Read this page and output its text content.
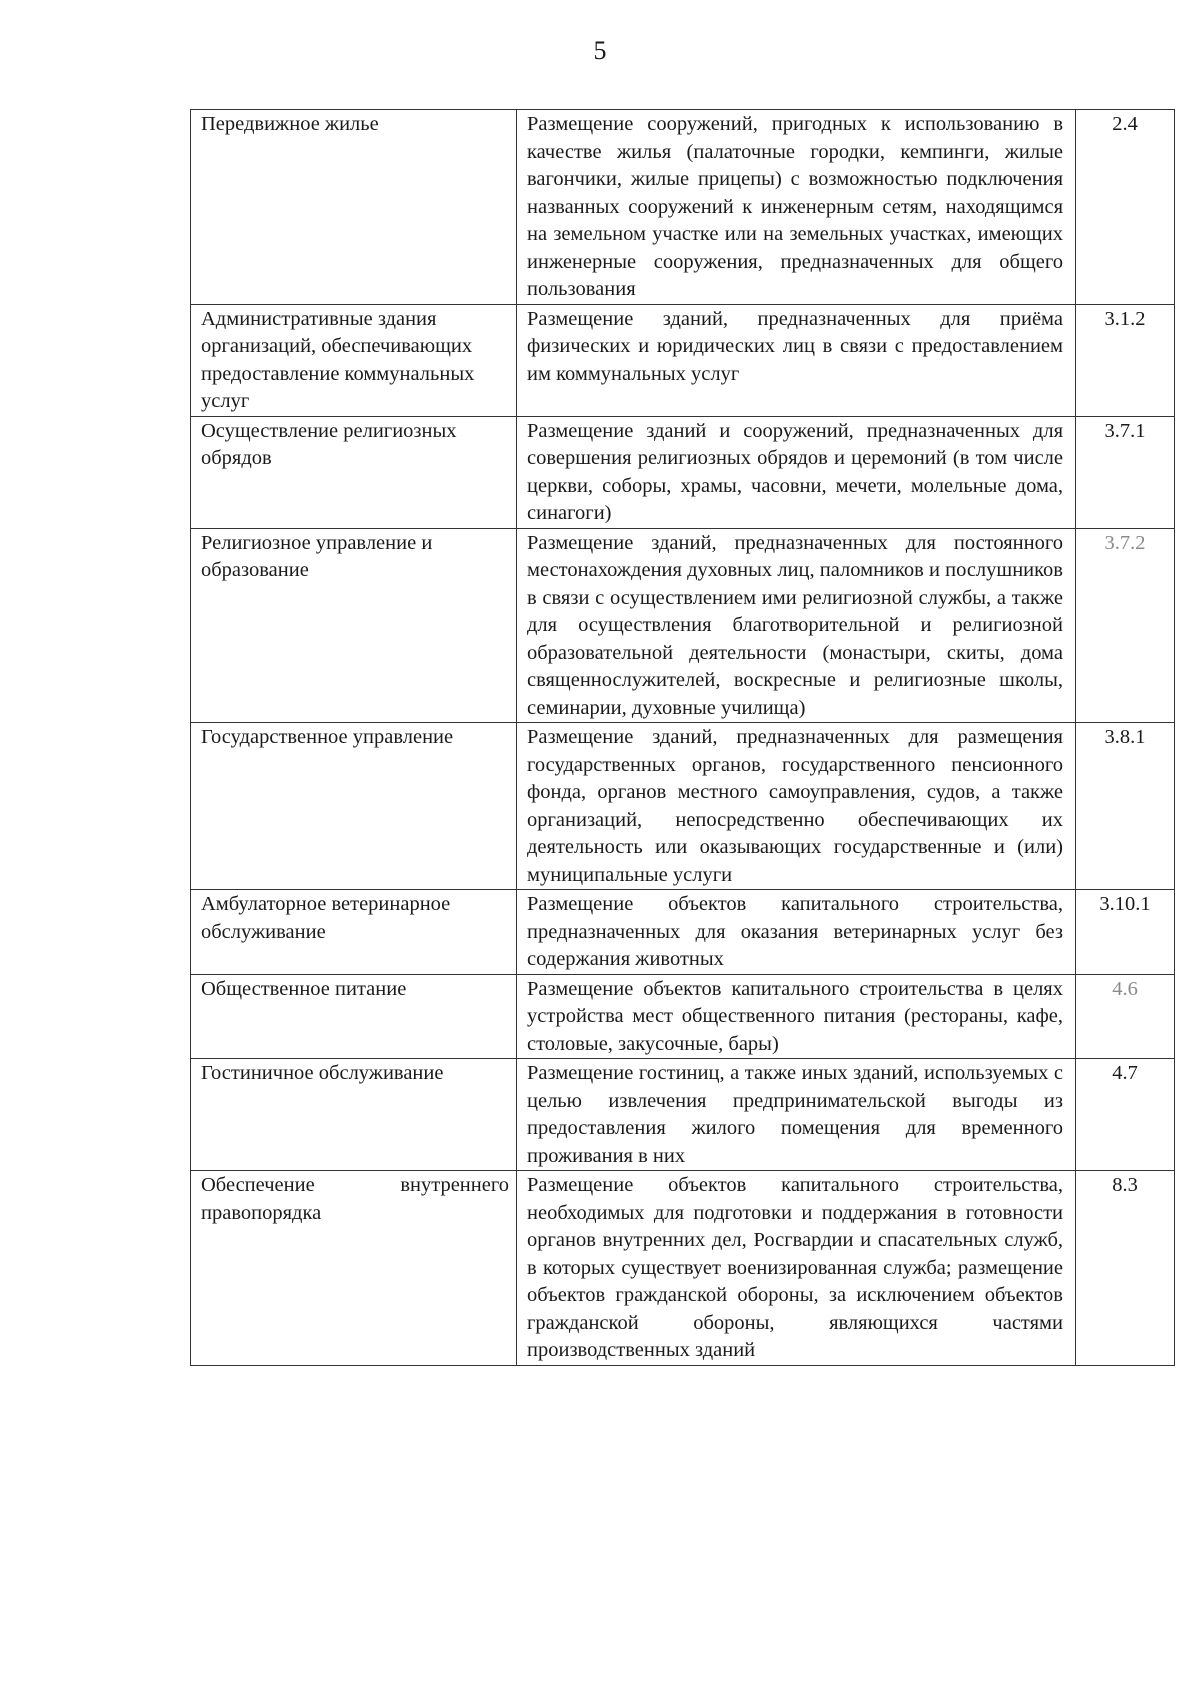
5
Передвижное жилье	Размещение сооружений, пригодных к использованию в качестве жилья (палаточные городки, кемпинги, жилые вагончики, жилые прицепы) с возможностью подключения названных сооружений к инженерным сетям, находящимся на земельном участке или на земельных участках, имеющих инженерные сооружения, предназначенных для общего пользования	2.4

Административные здания организаций, обеспечивающих предоставление коммунальных услуг	Размещение зданий, предназначенных для приёма физических и юридических лиц в связи с предоставлением им коммунальных услуг	3.1.2

Осуществление религиозных обрядов	Размещение зданий и сооружений, предназначенных для совершения религиозных обрядов и церемоний (в том числе церкви, соборы, храмы, часовни, мечети, молельные дома, синагоги)	3.7.1

Религиозное управление и образование	Размещение зданий, предназначенных для постоянного местонахождения духовных лиц, паломников и послушников в связи с осуществлением ими религиозной службы, а также для осуществления благотворительной и религиозной образовательной деятельности (монастыри, скиты, дома священнослужителей, воскресные и религиозные школы, семинарии, духовные училища)	3.7.2

Государственное управление	Размещение зданий, предназначенных для размещения государственных органов, государственного пенсионного фонда, органов местного самоуправления, судов, а также организаций, непосредственно обеспечивающих их деятельность или оказывающих государственные и (или) муниципальные услуги	3.8.1

Амбулаторное ветеринарное обслуживание	Размещение объектов капитального строительства, предназначенных для оказания ветеринарных услуг без содержания животных	3.10.1

Общественное питание	Размещение объектов капитального строительства в целях устройства мест общественного питания (рестораны, кафе, столовые, закусочные, бары)	4.6

Гостиничное обслуживание	Размещение гостиниц, а также иных зданий, используемых с целью извлечения предпринимательской выгоды из предоставления жилого помещения для временного проживания в них	4.7

Обеспечение внутреннего правопорядка	Размещение объектов капитального строительства, необходимых для подготовки и поддержания в готовности органов внутренних дел, Росгвардии и спасательных служб, в которых существует военизированная служба; размещение объектов гражданской обороны, за исключением объектов гражданской обороны, являющихся частями производственных зданий	8.3
